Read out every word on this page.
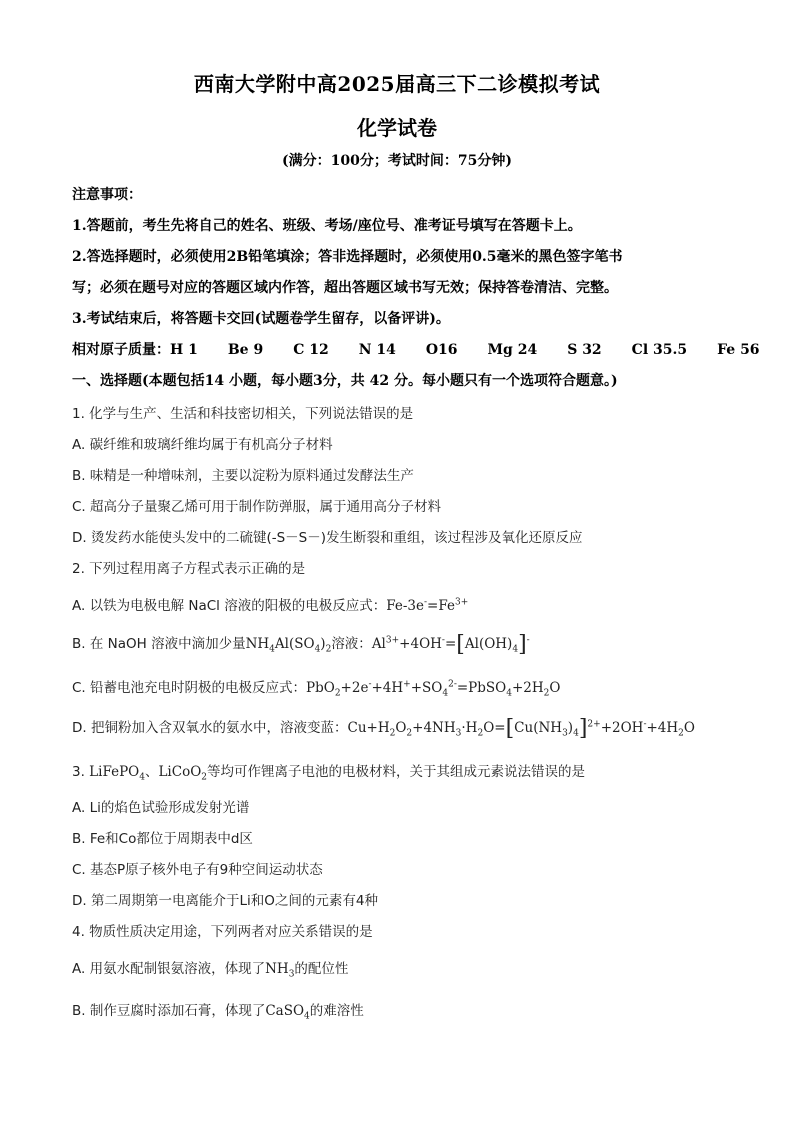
西南大学附中高2025届高三下二诊模拟考试
化学试卷
(满分：100分；考试时间：75分钟)
注意事项：
1.答题前，考生先将自己的姓名、班级、考场/座位号、准考证号填写在答题卡上。
2.答选择题时，必须使用2B铅笔填涂；答非选择题时，必须使用0.5毫米的黑色签字笔书
写；必须在题号对应的答题区域内作答，超出答题区域书写无效；保持答卷清洁、完整。
3.考试结束后，将答题卡交回(试题卷学生留存，以备评讲)。
相对原子质量：H 1 Be 9 C 12 N 14 O16 Mg 24 S 32 Cl 35.5 Fe 56
一、选择题(本题包括14 小题，每小题3分，共 42 分。每小题只有一个选项符合题意。)
1. 化学与生产、生活和科技密切相关，下列说法错误的是
A. 碳纤维和玻璃纤维均属于有机高分子材料
B. 味精是一种增味剂，主要以淀粉为原料通过发酵法生产
C. 超高分子量聚乙烯可用于制作防弹服，属于通用高分子材料
D. 烫发药水能使头发中的二硫键(-S－S－)发生断裂和重组，该过程涉及氧化还原反应
2. 下列过程用离子方程式表示正确的是
A. 以铁为电极电解 NaCl 溶液的阳极的电极反应式：$Fe-3e^-=Fe^{3+}$
B. 在 NaOH 溶液中滴加少量$NH_4Al(SO_4)_2$溶液：$Al^{3+}+4OH^-=[Al(OH)_4]^-$
C. 铅蓄电池充电时阴极的电极反应式：$PbO_2+2e^-+4H^++SO_4^{2-}=PbSO_4+2H_2O$
D. 把铜粉加入含双氧水的氨水中，溶液变蓝：$Cu+H_2O_2+4NH_3\cdot H_2O=[Cu(NH_3)_4]^{2+}+2OH^-+4H_2O$
3. LiFePO$_4$、LiCoO$_2$等均可作锂离子电池的电极材料，关于其组成元素说法错误的是
A. Li的焰色试验形成发射光谱
B. Fe和Co都位于周期表中d区
C. 基态P原子核外电子有9种空间运动状态
D. 第二周期第一电离能介于Li和O之间的元素有4种
4. 物质性质决定用途，下列两者对应关系错误的是
A. 用氨水配制银氨溶液，体现了$NH_3$的配位性
B. 制作豆腐时添加石膏，体现了CaSO$_4$的难溶性
